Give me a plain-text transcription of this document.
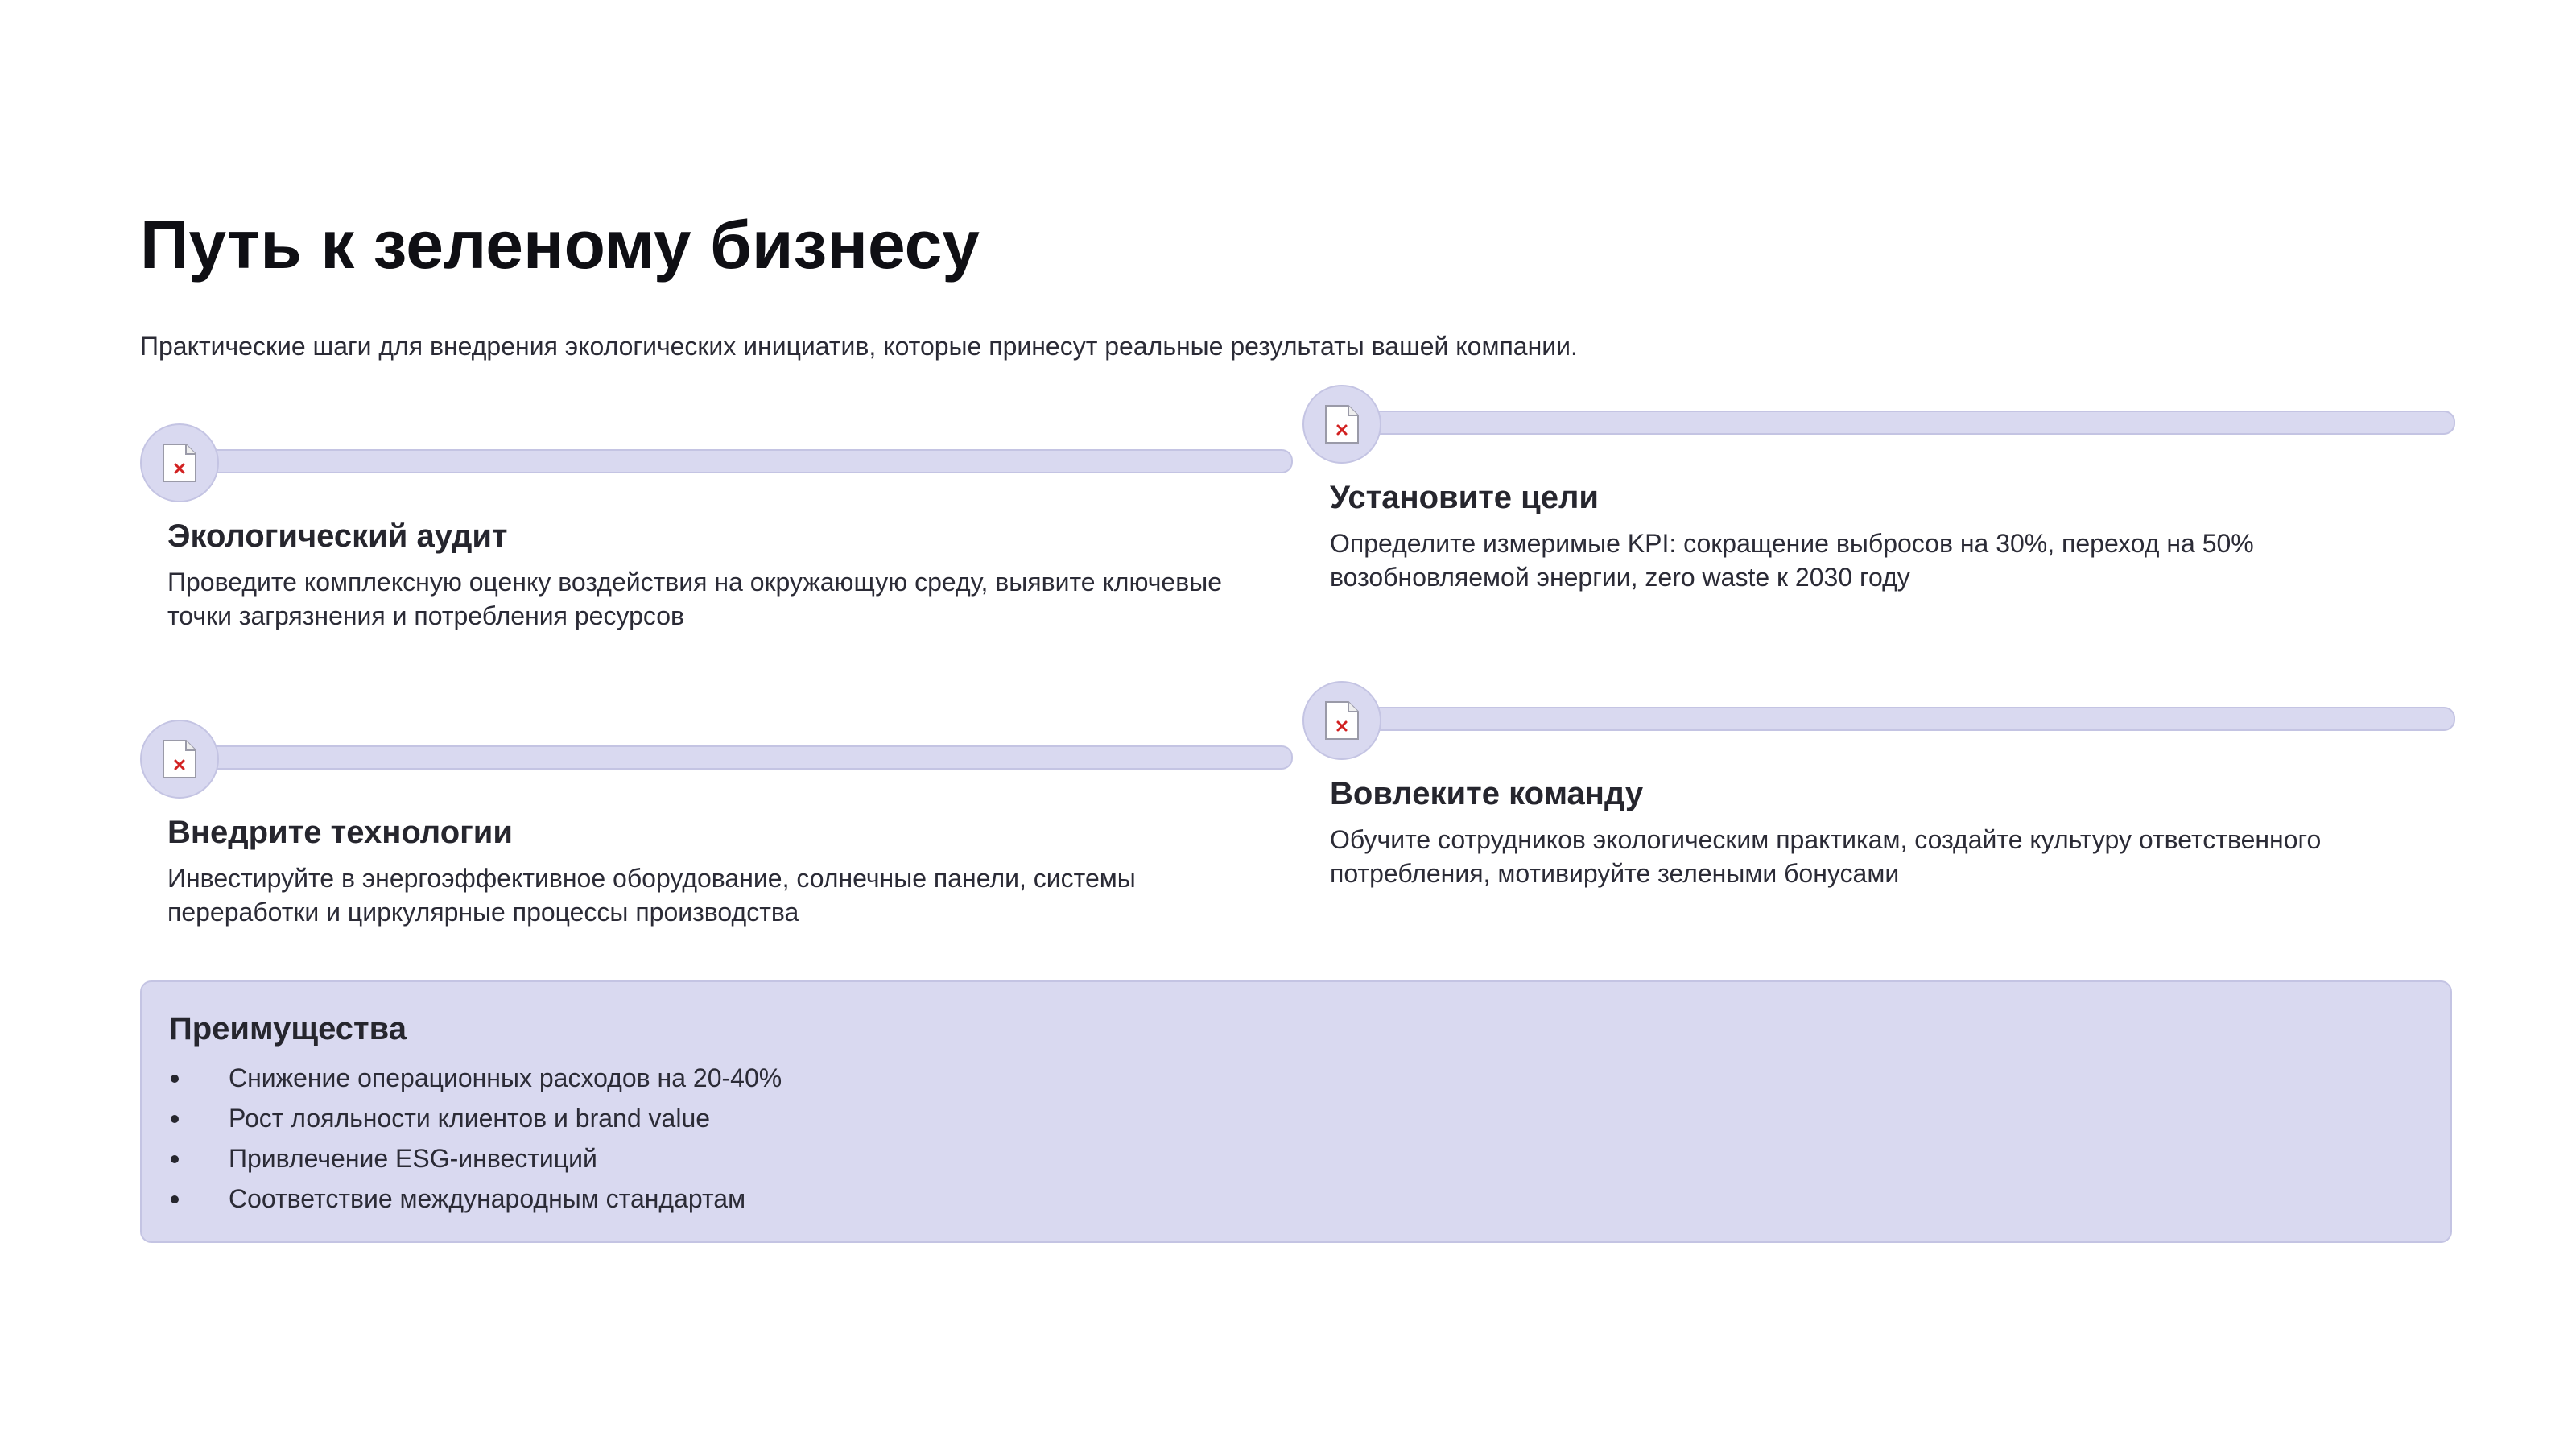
Путь к зеленому бизнесу

Практические шаги для внедрения экологических инициатив, которые принесут реальные результаты вашей компании.

Экологический аудит

Проведите комплексную оценку воздействия на окружающую среду, выявите ключевые точки загрязнения и потребления ресурсов

Установите цели

Определите измеримые KPI: сокращение выбросов на 30%, переход на 50% возобновляемой энергии, zero waste к 2030 году

Внедрите технологии

Инвестируйте в энергоэффективное оборудование, солнечные панели, системы переработки и циркулярные процессы производства

Вовлеките команду

Обучите сотрудников экологическим практикам, создайте культуру ответственного потребления, мотивируйте зелеными бонусами

Преимущества
Снижение операционных расходов на 20-40%
Рост лояльности клиентов и brand value
Привлечение ESG-инвестиций
Соответствие международным стандартам
